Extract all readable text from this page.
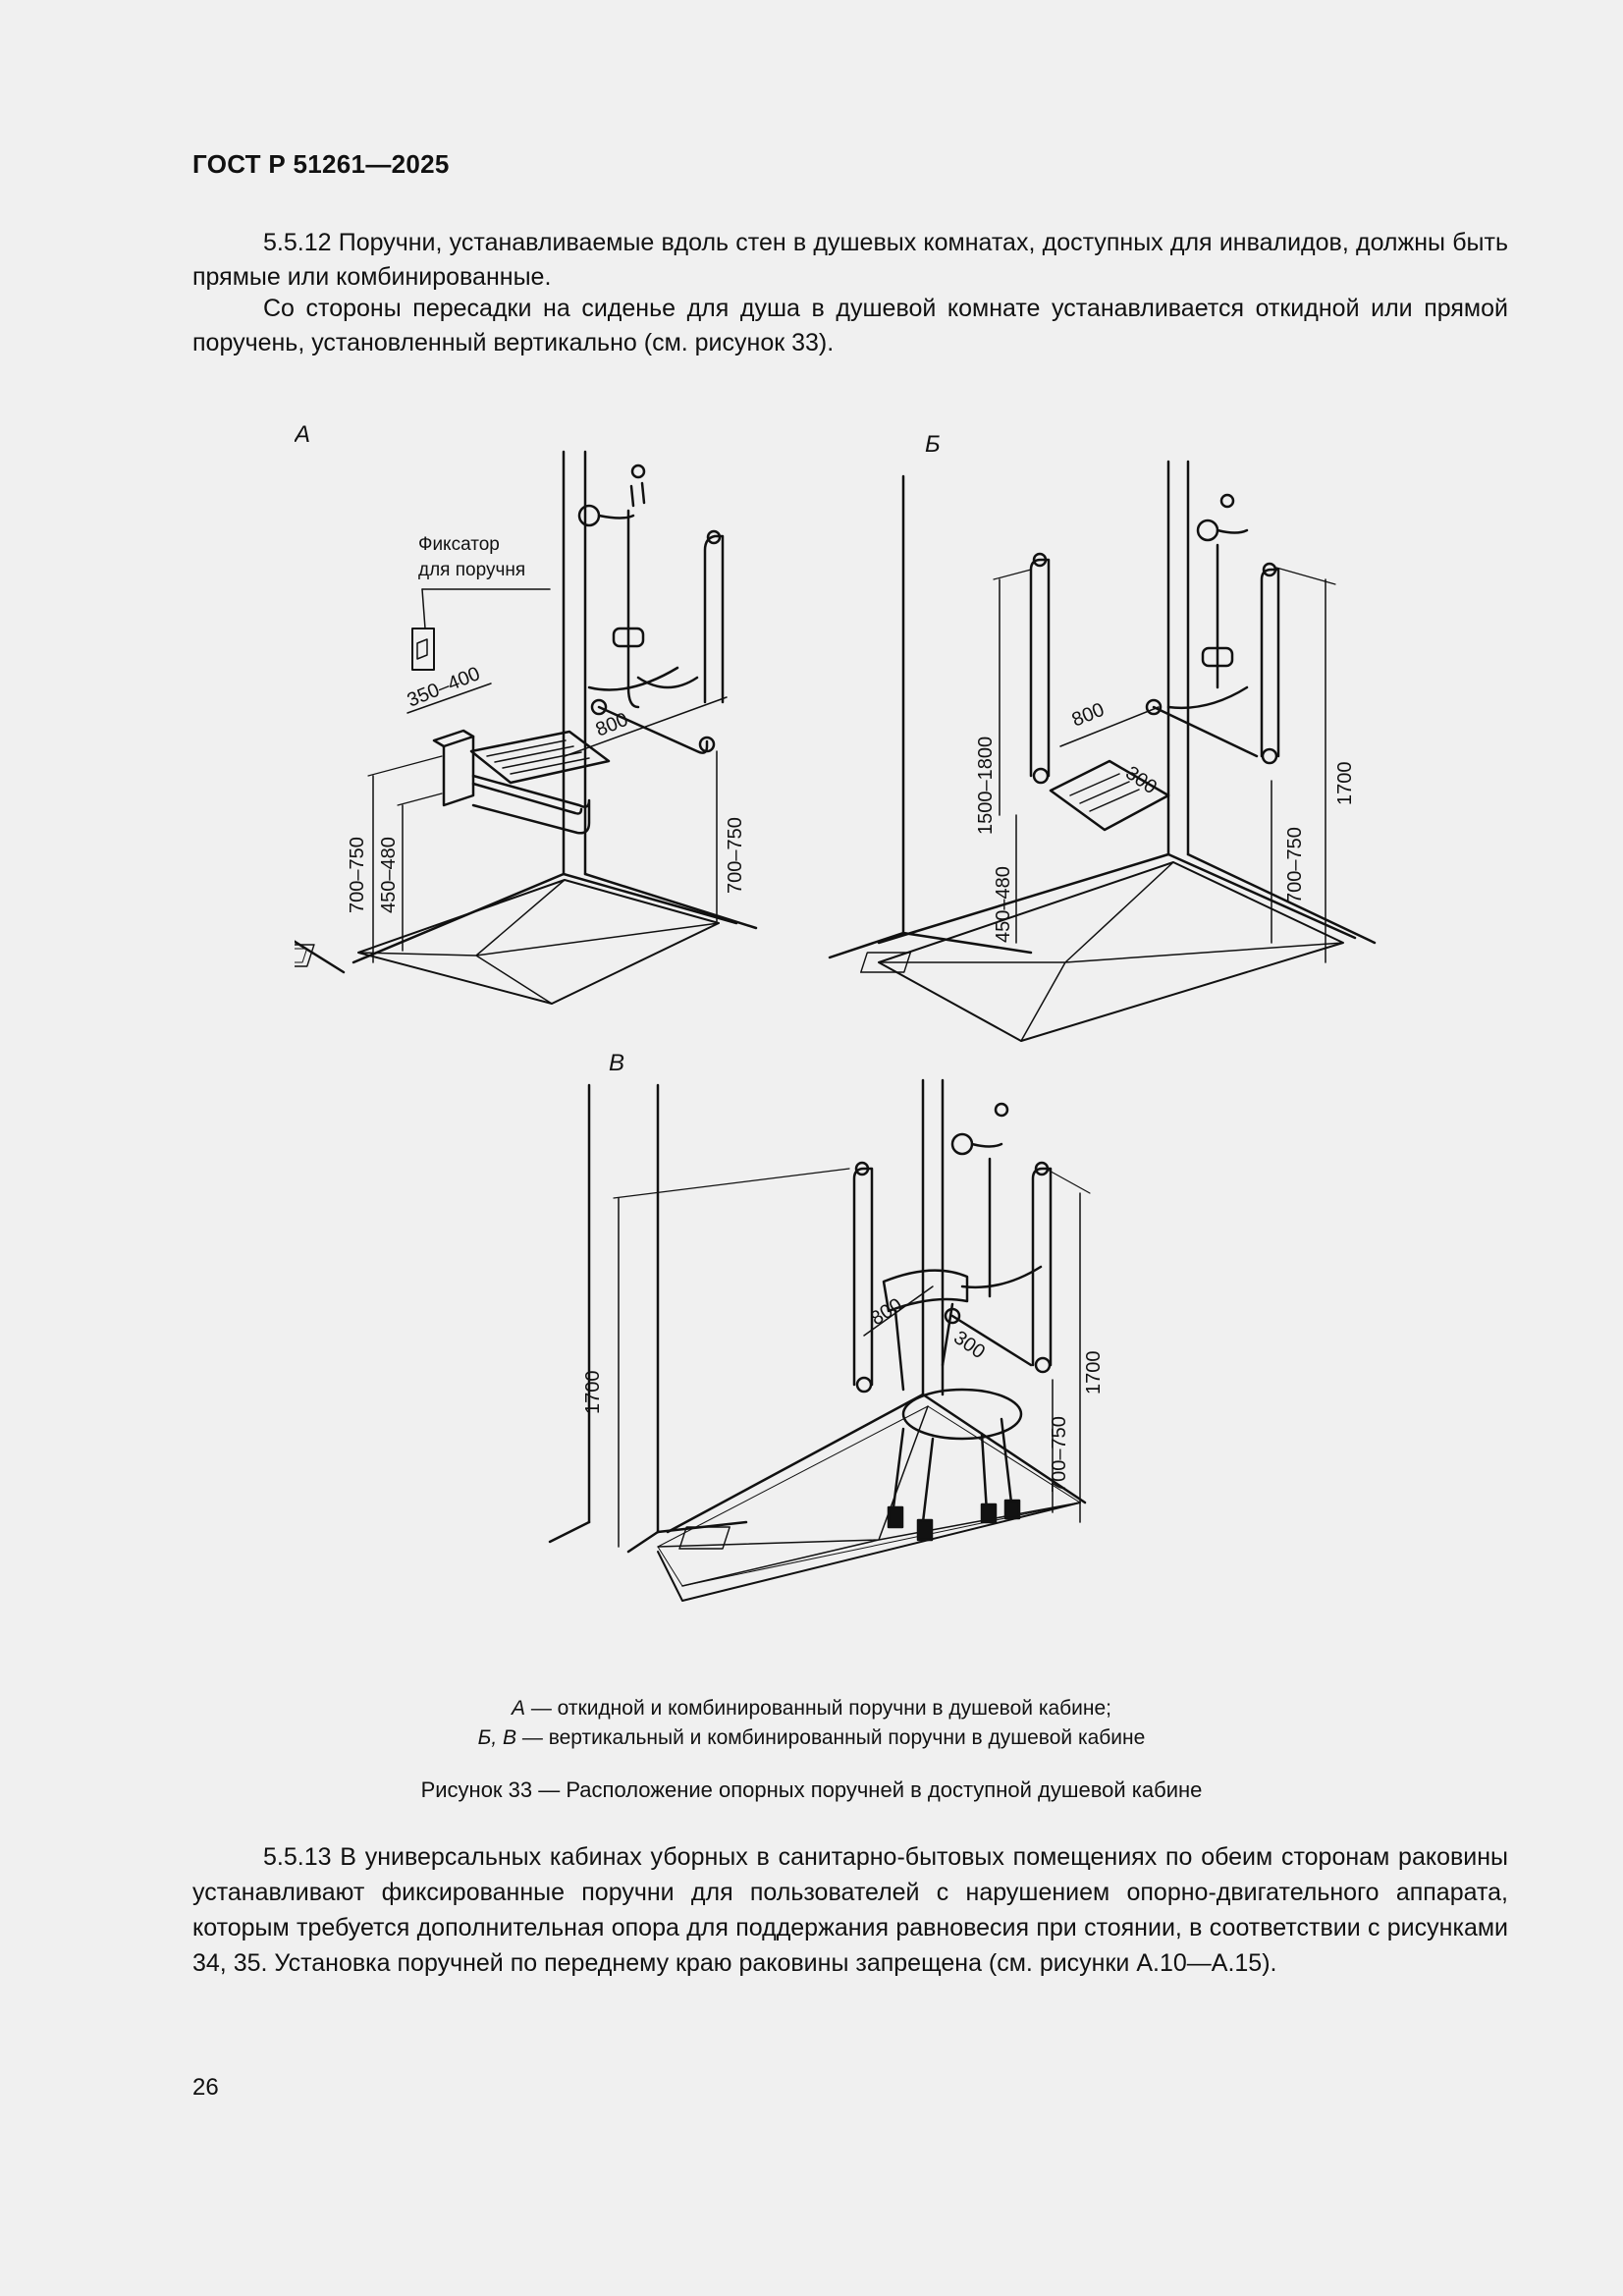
ГОСТ Р 51261—2025

5.5.12 Поручни, устанавливаемые вдоль стен в душевых комнатах, доступных для инвалидов, должны быть прямые или комбинированные.

Со стороны пересадки на сиденье для душа в душевой комнате устанавливается откидной или прямой поручень, установленный вертикально (см. рисунок 33).

А
Фиксатор
для поручня
800
350–400
700–750 450–480	700–750
Б
1500–1800
450–480
800
300
700–750
1700
В
1700
800
300
700–750
1700
А — откидной и комбинированный поручни в душевой кабине;
Б, В — вертикальный и комбинированный поручни в душевой кабине
Рисунок 33 — Расположение опорных поручней в доступной душевой кабине

5.5.13 В универсальных кабинах уборных в санитарно-бытовых помещениях по обеим сторонам раковины устанавливают фиксированные поручни для пользователей с нарушением опорно-двигательного аппарата, которым требуется дополнительная опора для поддержания равновесия при стоянии, в соответствии с рисунками 34, 35. Установка поручней по переднему краю раковины запрещена (см. рисунки А.10—А.15).

26
